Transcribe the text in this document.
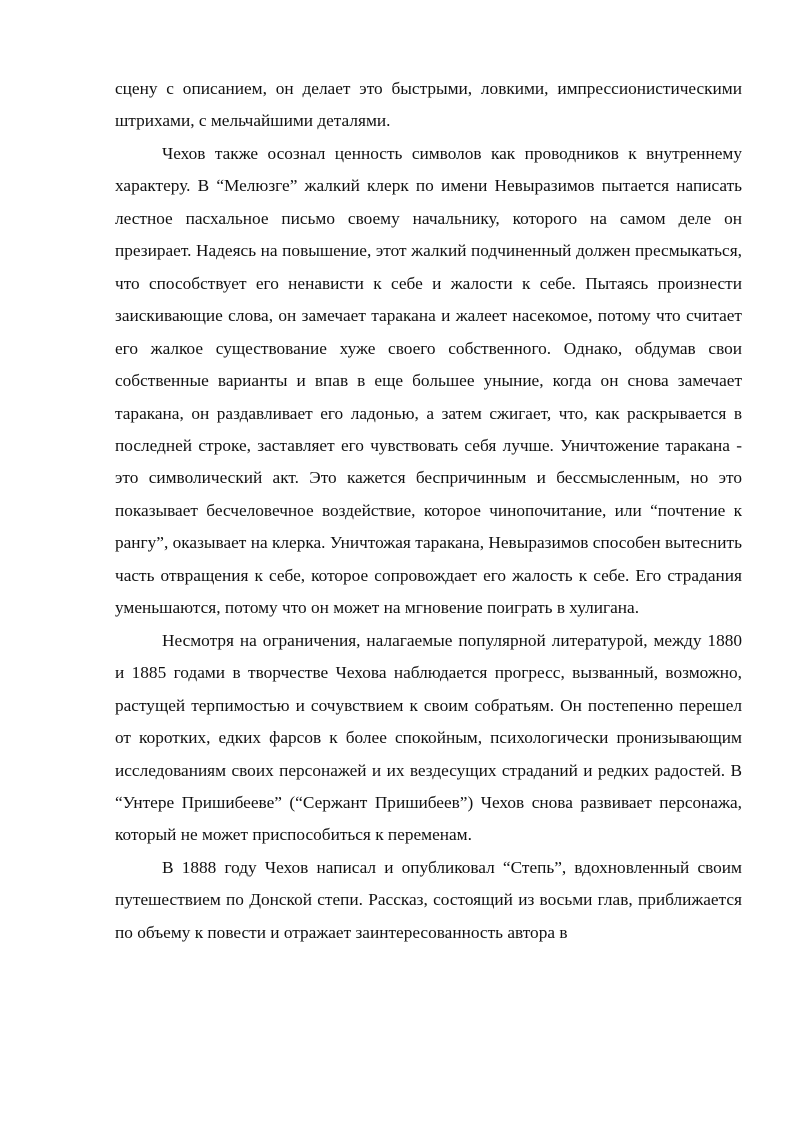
сцену с описанием, он делает это быстрыми, ловкими, импрессионистическими штрихами, с мельчайшими деталями.

Чехов также осознал ценность символов как проводников к внутреннему характеру. В “Мелюзге” жалкий клерк по имени Невыразимов пытается написать лестное пасхальное письмо своему начальнику, которого на самом деле он презирает. Надеясь на повышение, этот жалкий подчиненный должен пресмыкаться, что способствует его ненависти к себе и жалости к себе. Пытаясь произнести заискивающие слова, он замечает таракана и жалеет насекомое, потому что считает его жалкое существование хуже своего собственного. Однако, обдумав свои собственные варианты и впав в еще большее уныние, когда он снова замечает таракана, он раздавливает его ладонью, а затем сжигает, что, как раскрывается в последней строке, заставляет его чувствовать себя лучше. Уничтожение таракана - это символический акт. Это кажется беспричинным и бессмысленным, но это показывает бесчеловечное воздействие, которое чинопочитание, или “почтение к рангу”, оказывает на клерка. Уничтожая таракана, Невыразимов способен вытеснить часть отвращения к себе, которое сопровождает его жалость к себе. Его страдания уменьшаются, потому что он может на мгновение поиграть в хулигана.

Несмотря на ограничения, налагаемые популярной литературой, между 1880 и 1885 годами в творчестве Чехова наблюдается прогресс, вызванный, возможно, растущей терпимостью и сочувствием к своим собратьям. Он постепенно перешел от коротких, едких фарсов к более спокойным, психологически пронизывающим исследованиям своих персонажей и их вездесущих страданий и редких радостей. В “Унтере Пришибееве” (“Сержант Пришибеев”) Чехов снова развивает персонажа, который не может приспособиться к переменам.

В 1888 году Чехов написал и опубликовал “Степь”, вдохновленный своим путешествием по Донской степи. Рассказ, состоящий из восьми глав, приближается по объему к повести и отражает заинтересованность автора в
